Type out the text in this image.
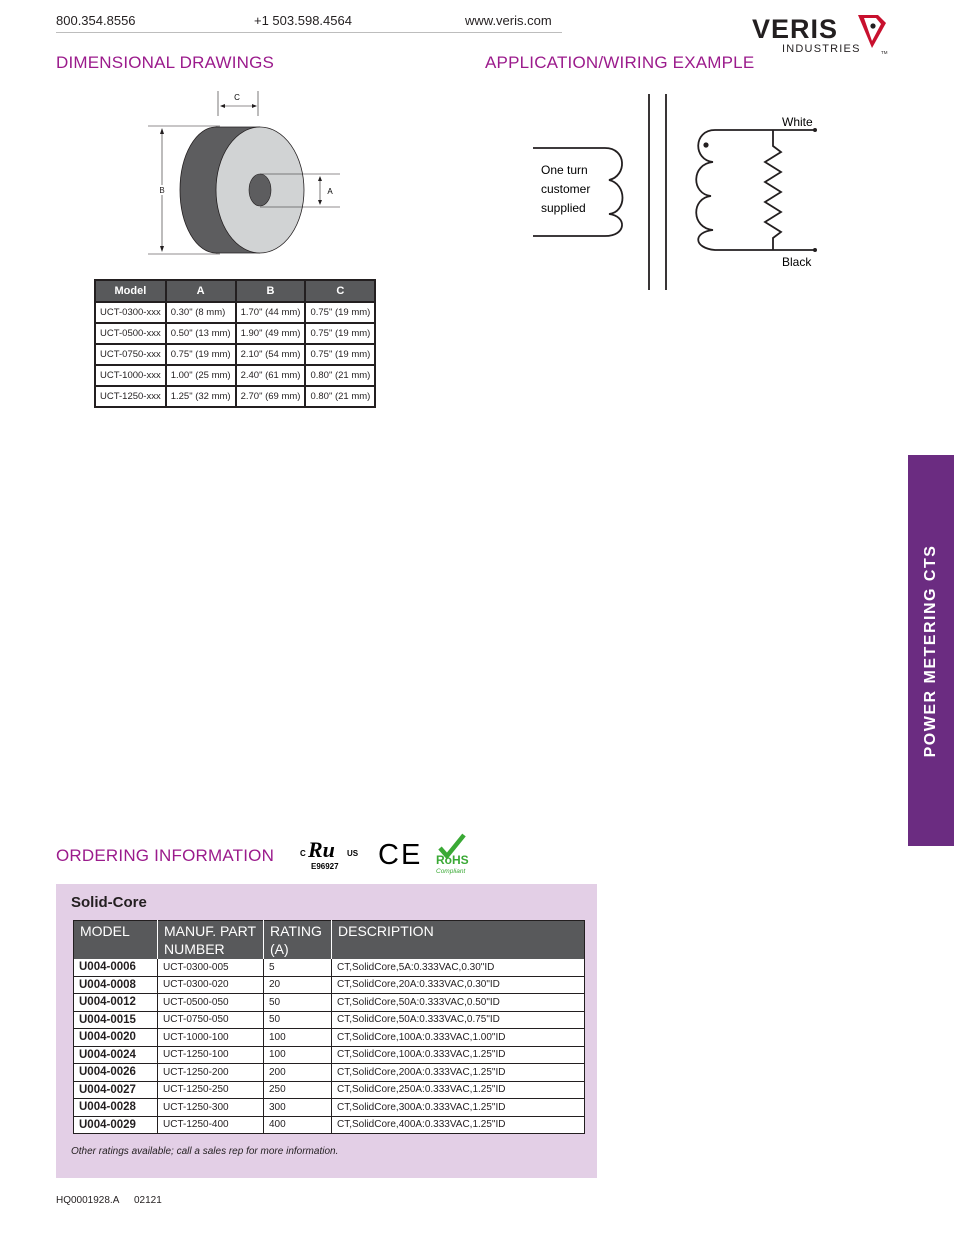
800.354.8556	+1 503.598.4564	www.veris.com	VERIS
INDUSTRIES	TM
DIMENSIONAL DRAWINGS	APPLICATION/WIRING EXAMPLE
C
B	A
Model	A	B	C
UCT-0300-xxx	0.30" (8 mm)	1.70" (44 mm)	0.75" (19 mm)
UCT-0500-xxx	0.50" (13 mm)	1.90" (49 mm)	0.75" (19 mm)
UCT-0750-xxx	0.75" (19 mm)	2.10" (54 mm)	0.75" (19 mm)
UCT-1000-xxx	1.00" (25 mm)	2.40" (61 mm)	0.80" (21 mm)
UCT-1250-xxx	1.25" (32 mm)	2.70" (69 mm)	0.80" (21 mm)
One turn
customer
supplied
White
Black
ORDERING INFORMATION	C Ru US
E96927 CE RoHS
Compliant
Solid-Core
MODEL	MANUF. PART NUMBER	RATING (A)	DESCRIPTION
U004-0006	UCT-0300-005	5	CT,SolidCore,5A:0.333VAC,0.30"ID
U004-0008	UCT-0300-020	20	CT,SolidCore,20A:0.333VAC,0.30"ID
U004-0012	UCT-0500-050	50	CT,SolidCore,50A:0.333VAC,0.50"ID
U004-0015	UCT-0750-050	50	CT,SolidCore,50A:0.333VAC,0.75"ID
U004-0020	UCT-1000-100	100	CT,SolidCore,100A:0.333VAC,1.00"ID
U004-0024	UCT-1250-100	100	CT,SolidCore,100A:0.333VAC,1.25"ID
U004-0026	UCT-1250-200	200	CT,SolidCore,200A:0.333VAC,1.25"ID
U004-0027	UCT-1250-250	250	CT,SolidCore,250A:0.333VAC,1.25"ID
U004-0028	UCT-1250-300	300	CT,SolidCore,300A:0.333VAC,1.25"ID
U004-0029	UCT-1250-400	400	CT,SolidCore,400A:0.333VAC,1.25"ID
Other ratings available; call a sales rep for more information.
POWER METERING CTS
HQ0001928.A 02121
